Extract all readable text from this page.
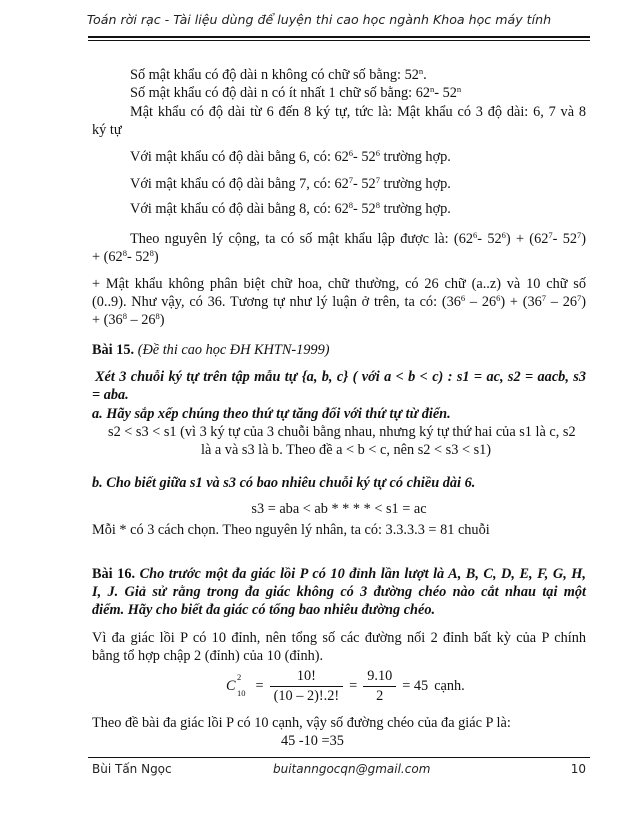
Toán rời rạc - Tài liệu dùng để luyện thi cao học ngành Khoa học máy tính
Số mật khẩu có độ dài n không có chữ số bằng: 52$^n$.
Số mật khẩu có độ dài n có ít nhất 1 chữ số bằng: 62$^n$- 52$^n$
Mật khẩu có độ dài từ 6 đến 8 ký tự, tức là: Mật khẩu có 3 độ dài: 6, 7 và 8
ký tự
Với mật khẩu có độ dài bằng 6, có: $62^6-$ $52^6$ trường hợp.
Với mật khẩu có độ dài bằng 7, có: $62^7-$ $52^7$ trường hợp.
Với mật khẩu có độ dài bằng 8, có: $62^8-$ $52^8$ trường hợp.
Theo nguyên lý cộng, ta có số mật khẩu lập được là: ($62^6-$ $52^6) + (62^7-$ $52^7$)
+ ($62^8-$ $52^8$)
+ Mật khẩu không phân biệt chữ hoa, chữ thường, có 26 chữ (a..z) và 10 chữ số
(0..9). Như vậy, có 36. Tương tự như lý luận ở trên, ta có: $(36^6 - 26^6) + (36^7 - 26^7)$
+ $(36^8 - 26^8)$
Bài 15. (Đề thi cao học ĐH KHTN-1999)
Xét 3 chuỗi ký tự trên tập mẫu tự {a, b, c} ( với a < b < c) : s1 = ac, s2 = aacb, s3
= aba.
a. Hãy sắp xếp chúng theo thứ tự tăng đối với thứ tự từ điển.
s2 < s3 < s1 (vì 3 ký tự của 3 chuỗi bằng nhau, nhưng ký tự thứ hai của s1 là c, s2
là a và s3 là b. Theo đề a < b < c, nên s2 < s3 < s1)
b. Cho biết giữa s1 và s3 có bao nhiêu chuỗi ký tự có chiều dài 6.
s3 = aba < ab * * * * < s1 = ac
Mỗi * có 3 cách chọn. Theo nguyên lý nhân, ta có: 3.3.3.3 = 81 chuỗi
Bài 16. Cho trước một đa giác lồi P có 10 đỉnh lần lượt là A, B, C, D, E, F, G, H,
I, J. Giả sử rằng trong đa giác không có 3 đường chéo nào cắt nhau tại một
điểm. Hãy cho biết đa giác có tổng bao nhiêu đường chéo.
Vì đa giác lồi P có 10 đỉnh, nên tổng số các đường nối 2 đỉnh bất kỳ của P chính
bằng tổ hợp chập 2 (đỉnh) của 10 (đỉnh).
C
2
$10 = \frac{10!}{(10 - 2)!.2!} = \frac{9.10}{2} = 45$ cạnh.
Theo đề bài đa giác lồi P có 10 cạnh, vậy số đường chéo của đa giác P là:
45 -10 =35
Bùi Tấn Ngọc	buitanngocqn@gmail.com	10
